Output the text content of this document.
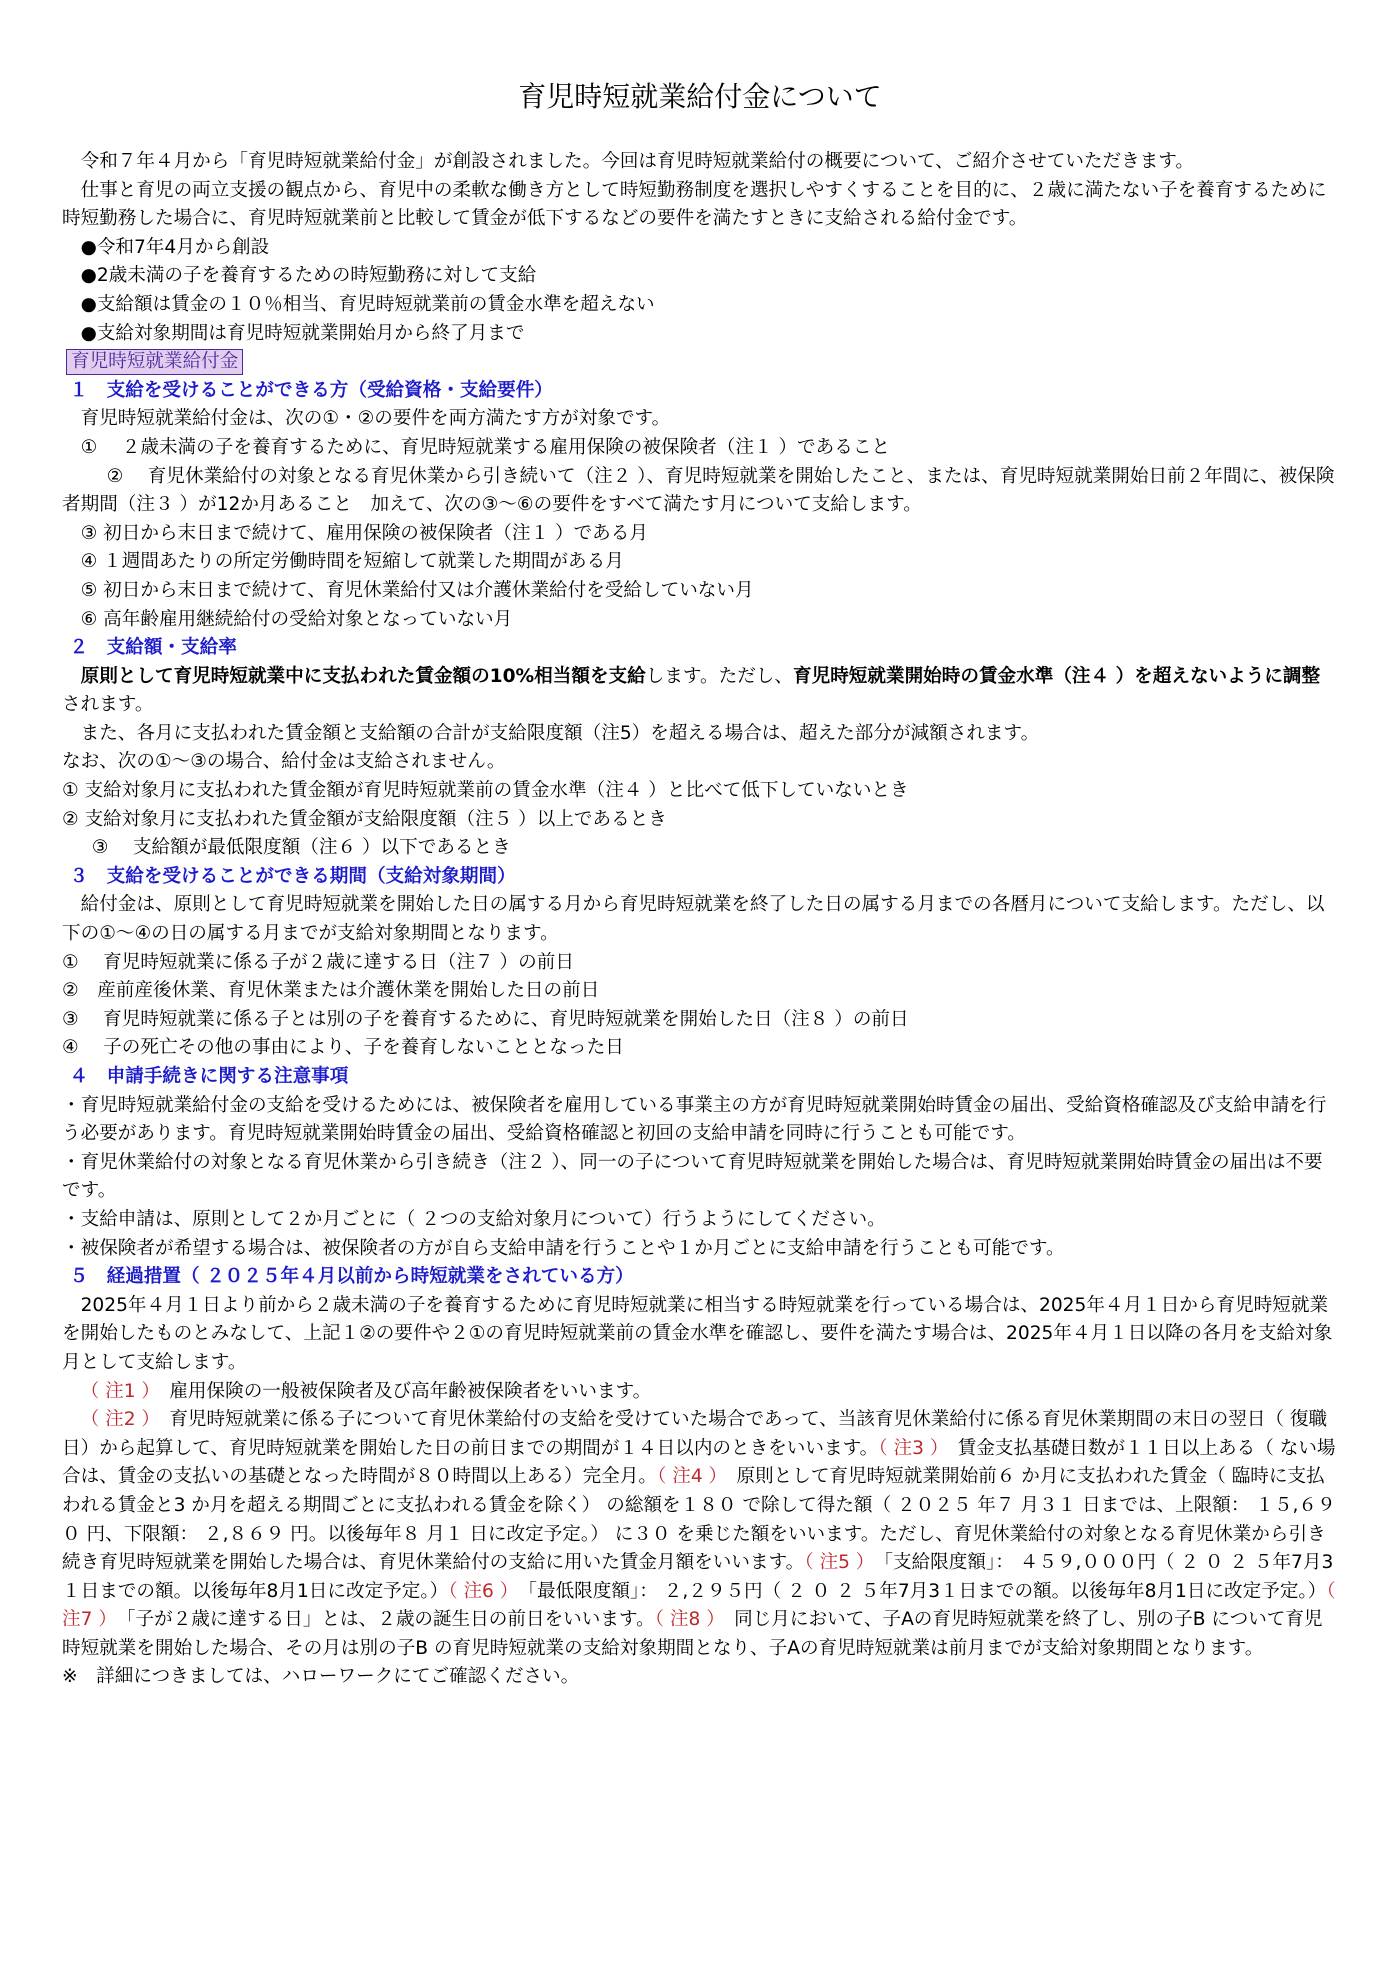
育児時短就業給付金について

令和７年４月から「育児時短就業給付金」が創設されました。今回は育児時短就業給付の概要について、ご紹介させていただきます。

仕事と育児の両立支援の観点から、育児中の柔軟な働き方として時短勤務制度を選択しやすくすることを目的に、２歳に満たない子を養育するために時短勤務した場合に、育児時短就業前と比較して賃金が低下するなどの要件を満たすときに支給される給付金です。

●令和7年4月から創設

●2歳未満の子を養育するための時短勤務に対して支給

●支給額は賃金の１０％相当、育児時短就業前の賃金水準を超えない

●支給対象期間は育児時短就業開始月から終了月まで

育児時短就業給付金

１　支給を受けることができる方（受給資格・支給要件）

育児時短就業給付金は、次の①・②の要件を両方満たす方が対象です。

①　 ２歳未満の子を養育するために、育児時短就業する雇用保険の被保険者（注１ ）であること

②　 育児休業給付の対象となる育児休業から引き続いて（注２ ）、育児時短就業を開始したこと、または、育児時短就業開始日前２年間に、被保険者期間（注３ ）が12か月あること　加えて、次の③～⑥の要件をすべて満たす月について支給します。

③ 初日から末日まで続けて、雇用保険の被保険者（注１ ）である月

④ １週間あたりの所定労働時間を短縮して就業した期間がある月

⑤ 初日から末日まで続けて、育児休業給付又は介護休業給付を受給していない月

⑥ 高年齢雇用継続給付の受給対象となっていない月

２　支給額・支給率

原則として育児時短就業中に支払われた賃金額の10%相当額を支給します。ただし、育児時短就業開始時の賃金水準（注４ ）を超えないように調整されます。

また、各月に支払われた賃金額と支給額の合計が支給限度額（注5）を超える場合は、超えた部分が減額されます。

なお、次の①～③の場合、給付金は支給されません。

① 支給対象月に支払われた賃金額が育児時短就業前の賃金水準（注４ ）と比べて低下していないとき

② 支給対象月に支払われた賃金額が支給限度額（注５ ）以上であるとき

③　 支給額が最低限度額（注６ ）以下であるとき

３　支給を受けることができる期間（支給対象期間）

給付金は、原則として育児時短就業を開始した日の属する月から育児時短就業を終了した日の属する月までの各暦月について支給します。ただし、以下の①～④の日の属する月までが支給対象期間となります。

①　 育児時短就業に係る子が２歳に達する日（注７ ）の前日

②　産前産後休業、育児休業または介護休業を開始した日の前日

③　 育児時短就業に係る子とは別の子を養育するために、育児時短就業を開始した日（注８ ）の前日

④　 子の死亡その他の事由により、子を養育しないこととなった日

４　申請手続きに関する注意事項

・育児時短就業給付金の支給を受けるためには、被保険者を雇用している事業主の方が育児時短就業開始時賃金の届出、受給資格確認及び支給申請を行う必要があります。育児時短就業開始時賃金の届出、受給資格確認と初回の支給申請を同時に行うことも可能です。

・育児休業給付の対象となる育児休業から引き続き（注２ ）、同一の子について育児時短就業を開始した場合は、育児時短就業開始時賃金の届出は不要です。

・支給申請は、原則として２か月ごとに（ ２つの支給対象月について）行うようにしてください。

・被保険者が希望する場合は、被保険者の方が自ら支給申請を行うことや１か月ごとに支給申請を行うことも可能です。

５　経過措置（ ２０２５年４月以前から時短就業をされている方）

2025年４月１日より前から２歳未満の子を養育するために育児時短就業に相当する時短就業を行っている場合は、2025年４月１日から育児時短就業を開始したものとみなして、上記１②の要件や２①の育児時短就業前の賃金水準を確認し、要件を満たす場合は、2025年４月１日以降の各月を支給対象月として支給します。

（ 注1 ）　雇用保険の一般被保険者及び高年齢被保険者をいいます。

（ 注2 ）　育児時短就業に係る子について育児休業給付の支給を受けていた場合であって、当該育児休業給付に係る育児休業期間の末日の翌日（ 復職日）から起算して、育児時短就業を開始した日の前日までの期間が１４日以内のときをいいます。（ 注3 ）　賃金支払基礎日数が１１日以上ある（ ない場合は、賃金の支払いの基礎となった時間が８０時間以上ある）完全月。（ 注4 ）　原則として育児時短就業開始前６ か月に支払われた賃金（ 臨時に支払われる賃金と3 か月を超える期間ごとに支払われる賃金を除く） の総額を１８０ で除して得た額（ ２０２５ 年７ 月３１ 日までは、上限額： １５,６９０ 円、下限額： ２,８６９ 円。以後毎年８ 月１ 日に改定予定。） に３０ を乗じた額をいいます。ただし、育児休業給付の対象となる育児休業から引き続き育児時短就業を開始した場合は、育児休業給付の支給に用いた賃金月額をいいます。（ 注5 ）　「支給限度額」： ４５９,０００円（ ２ ０ ２ ５年7月3１日までの額。以後毎年8月1日に改定予定。）（ 注6 ）　「最低限度額」： ２,２９５円（ ２ ０ ２ ５年7月3１日までの額。以後毎年8月1日に改定予定。）（ 注7 ）　「子が２歳に達する日」とは、２歳の誕生日の前日をいいます。（ 注8 ）　同じ月において、子Aの育児時短就業を終了し、別の子B について育児時短就業を開始した場合、その月は別の子B の育児時短就業の支給対象期間となり、子Aの育児時短就業は前月までが支給対象期間となります。

※　詳細につきましては、ハローワークにてご確認ください。
